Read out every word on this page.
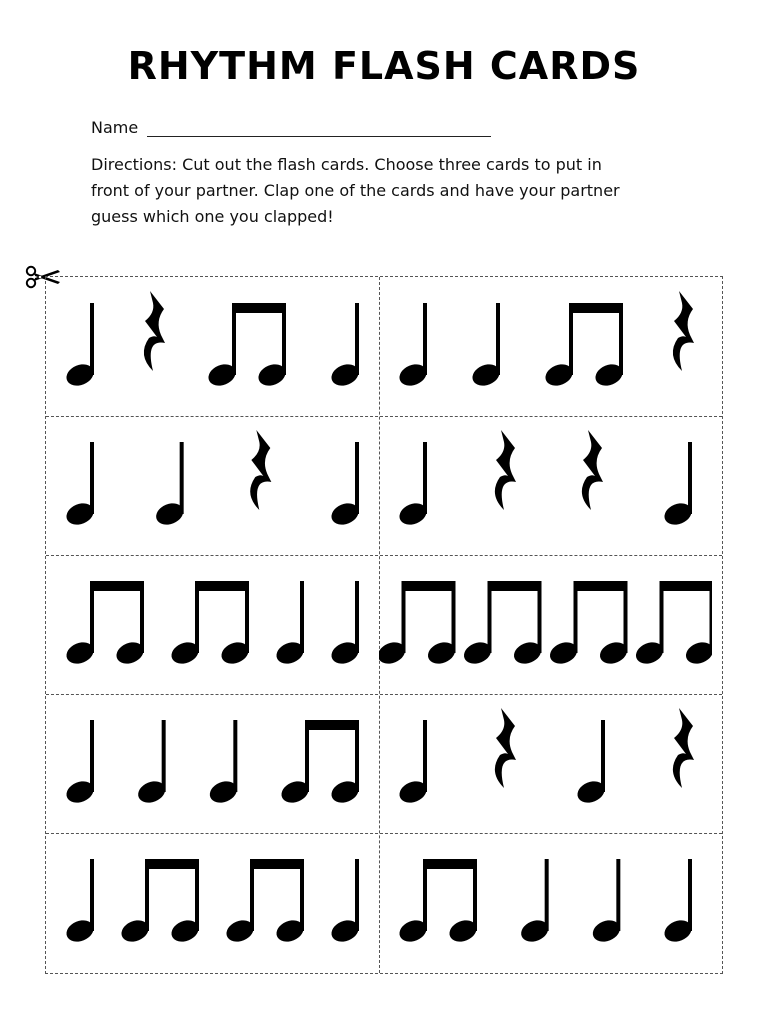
RHYTHM FLASH CARDS
Name
Directions: Cut out the flash cards. Choose three cards to put in
front of your partner. Clap one of the cards and have your partner
guess which one you clapped!
